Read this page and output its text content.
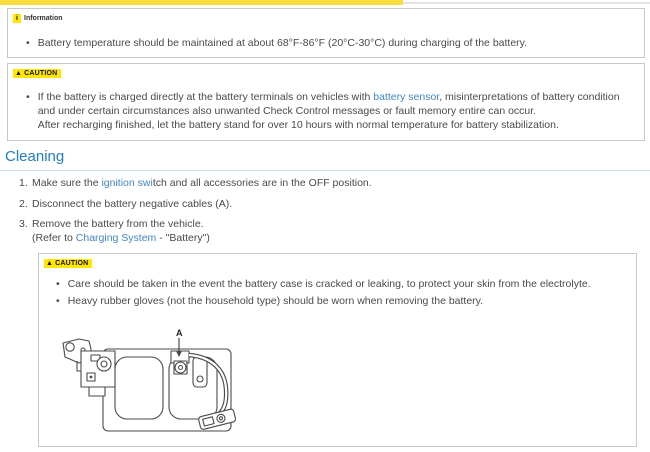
i Information
• Battery temperature should be maintained at about 68°F-86°F (20°C-30°C) during charging of the battery.
▲ CAUTION
• If the battery is charged directly at the battery terminals on vehicles with battery sensor, misinterpretations of battery condition and under certain circumstances also unwanted Check Control messages or fault memory entire can occur.
After recharging finished, let the battery stand for over 10 hours with normal temperature for battery stabilization.
Cleaning
1. Make sure the ignition switch and all accessories are in the OFF position.
2. Disconnect the battery negative cables (A).
3. Remove the battery from the vehicle.
(Refer to Charging System - "Battery")
▲ CAUTION
• Care should be taken in the event the battery case is cracked or leaking, to protect your skin from the electrolyte.
• Heavy rubber gloves (not the household type) should be worn when removing the battery.
A
